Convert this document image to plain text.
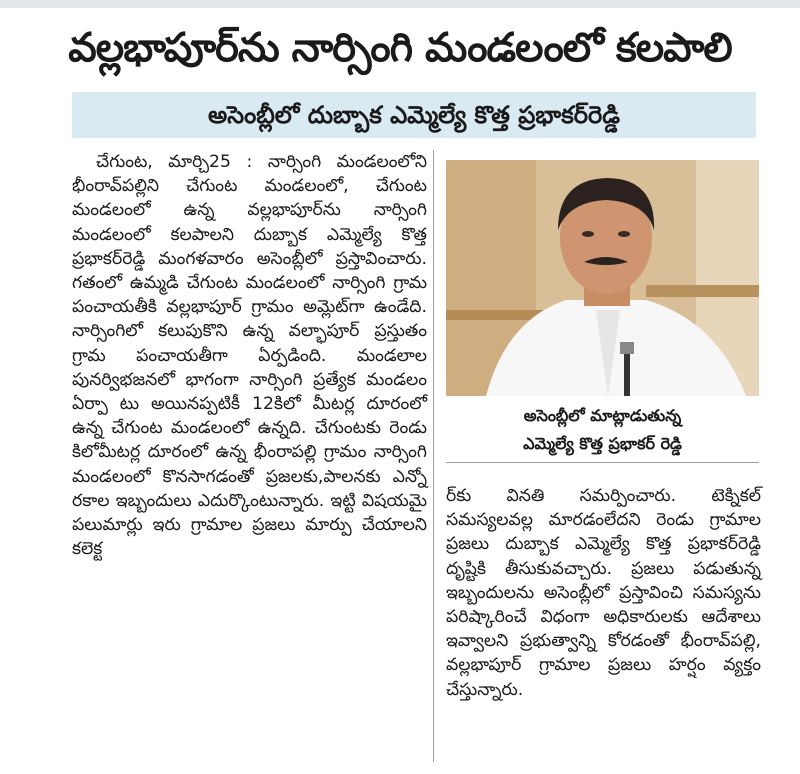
వల్లభాపూర్‌ను నార్సింగి మండలంలో కలపాలి
అసెంబ్లీలో దుబ్బాక ఎమ్మెల్యే కొత్త ప్రభాకర్‌రెడ్డి

చేగుంట, మార్చి25 : నార్సింగి మండలంలోని భీంరావ్‌పల్లిని చేగుంట మండలంలో, చేగుంట మండలంలో ఉన్న వల్లభాపూర్‌ను నార్సింగి మండలంలో కలపాలని దుబ్బాక ఎమ్మెల్యే కొత్త ప్రభాకర్‌రెడ్డి మంగళవారం అసెంబ్లీలో ప్రస్తావించారు. గతంలో ఉమ్మడి చేగుంట మండలంలో నార్సింగి గ్రామ పంచాయతీకి వల్లభాపూర్ గ్రామం అమ్లెట్‌గా ఉండేది. నార్సింగిలో కలుపుకొని ఉన్న వల్భాపూర్ ప్రస్తుతం గ్రామ పంచాయతీగా ఏర్పడింది. మండలాల పునర్విభజనలో భాగంగా నార్సింగి ప్రత్యేక మండలం ఏర్పా టు అయినప్పటికీ 12కిలో మీటర్ల దూరంలో ఉన్న చేగుంట మండలంలో ఉన్నది. చేగుంటకు రెండు కిలోమీటర్ల దూరంలో ఉన్న భీంరాపల్లి గ్రామం నార్సింగి మండలంలో కొనసాగడంతో ప్రజలకు,పాలనకు ఎన్నో రకాల ఇబ్బందులు ఎదుర్కొంటున్నారు. ఇట్టి విషయమై పలుమార్లు ఇరు గ్రామాల ప్రజలు మార్పు చేయాలని కలెక్ట

అసెంబ్లీలో మాట్లాడుతున్న
ఎమ్మెల్యే కొత్త ప్రభాకర్ రెడ్డి

ర్‌కు వినతి సమర్పించారు. టెక్నికల్ సమస్యలవల్ల మారడంలేదని రెండు గ్రామాల ప్రజలు దుబ్బాక ఎమ్మెల్యే కొత్త ప్రభాకర్‌రెడ్డి దృష్టికి తీసుకువచ్చారు. ప్రజలు పడుతున్న ఇబ్బందులను అసెంబ్లీలో ప్రస్తావించి సమస్యను పరిష్కారించే విధంగా అధికారులకు ఆదేశాలు ఇవ్వాలని ప్రభుత్వాన్ని కోరడంతో భీంరావ్‌పల్లి, వల్లభాపూర్ గ్రామాల ప్రజలు హర్షం వ్యక్తం చేస్తున్నారు.
